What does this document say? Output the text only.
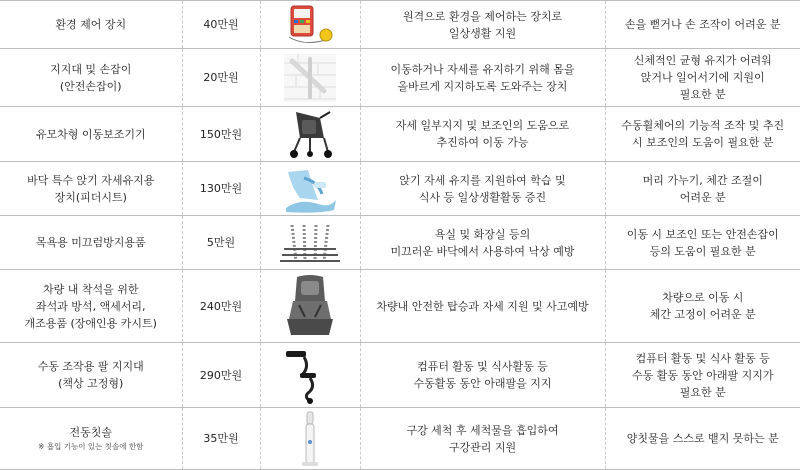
환경 제어 장치	40만원		원격으로 환경을 제어하는 장치로
일상생활 지원	손을 뻗거나 손 조작이 어려운 분
지지대 및 손잡이
(안전손잡이)	20만원		이동하거나 자세를 유지하기 위해 몸을
올바르게 지지하도록 도와주는 장치	신체적인 균형 유지가 어려워
앉거나 일어서기에 지원이
필요한 분
유모차형 이동보조기기	150만원		자세 일부지지 및 보조인의 도움으로
추진하여 이동 가능	수동휠체어의 기능적 조작 및 추진
시 보조인의 도움이 필요한 분
바닥 특수 앉기 자세유지용
장치(피더시트)	130만원		앉기 자세 유지를 지원하여 학습 및
식사 등 일상생활활동 증진	머리 가누기, 체간 조절이
어려운 분
목욕용 미끄럼방지용품	5만원		욕실 및 화장실 등의
미끄러운 바닥에서 사용하여 낙상 예방	이동 시 보조인 또는 안전손잡이
등의 도움이 필요한 분
차량 내 착석을 위한
좌석과 방석, 액세서리,
개조용품 (장애인용 카시트)	240만원		차량내 안전한 탑승과 자세 지원 및 사고예방	차량으로 이동 시
체간 고정이 어려운 분
수동 조작용 팔 지지대
(책상 고정형)	290만원		컴퓨터 활동 및 식사활동 등
수동활동 동안 아래팔을 지지	컴퓨터 활동 및 식사 활동 등
수동 활동 동안 아래팔 지지가
필요한 분
전동칫솔
※ 흡입 기능이 있는 칫솔에 한함	35만원		구강 세척 후 세척물을 흡입하여
구강관리 지원	양칫물을 스스로 뱉지 못하는 분
